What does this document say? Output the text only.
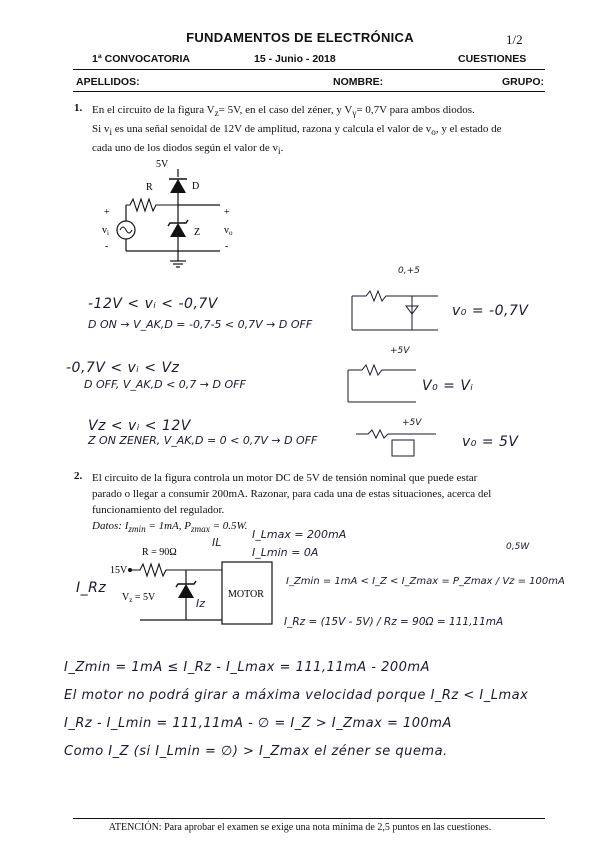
FUNDAMENTOS DE ELECTRÓNICA	1/2
1ª CONVOCATORIA	15 - Junio - 2018	CUESTIONES
APELLIDOS:	NOMBRE:	GRUPO:
1. En el circuito de la figura $V_z= 5V$, en el caso del zéner, y $V_\gamma= 0,7V$ para ambos diodos.
Si $v_i$ es una señal senoidal de 12V de amplitud, razona y calcula el valor de $v_o$, y el estado de
cada uno de los diodos según el valor de $v_i$.
5V
D
R
Z
+
$v_i$
-
+
$v_o$
-
-12V < vᵢ < -0,7V
D ON → V_AK,D = -0,7-5 < 0,7V → D OFF
0,+5
v₀ = -0,7V
-0,7V < vᵢ < Vz
D OFF, V_AK,D < 0,7 → D OFF
+5V
V₀ = Vᵢ
Vz < vᵢ < 12V
Z ON ZENER, V_AK,D = 0 < 0,7V → D OFF
+5V
v₀ = 5V
2. El circuito de la figura controla un motor DC de 5V de tensión nominal que puede estar
parado o llegar a consumir 200mA. Razonar, para cada una de estas situaciones, acerca del
funcionamiento del regulador.
Datos: $I_{zmin} = 1mA$, $P_{zmax} = 0.5W$.
R = 90Ω
15V
$V_z = 5V$	MOTOR
I_Rz
IL
Iz
I_Lmax = 200mA
I_Lmin = 0A	0,5W
I_Zmin = 1mA < I_Z < I_Zmax = P_Zmax / Vz = 100mA
I_Rz = (15V - 5V) / Rz = 90Ω = 111,11mA
I_Zmin = 1mA ≤ I_Rz - I_Lmax = 111,11mA - 200mA
El motor no podrá girar a máxima velocidad porque I_Rz < I_Lmax
I_Rz - I_Lmin = 111,11mA - ∅ = I_Z > I_Zmax = 100mA
Como I_Z (si I_Lmin = ∅) > I_Zmax el zéner se quema.
ATENCIÓN: Para aprobar el examen se exige una nota mínima de 2,5 puntos en las cuestiones.
